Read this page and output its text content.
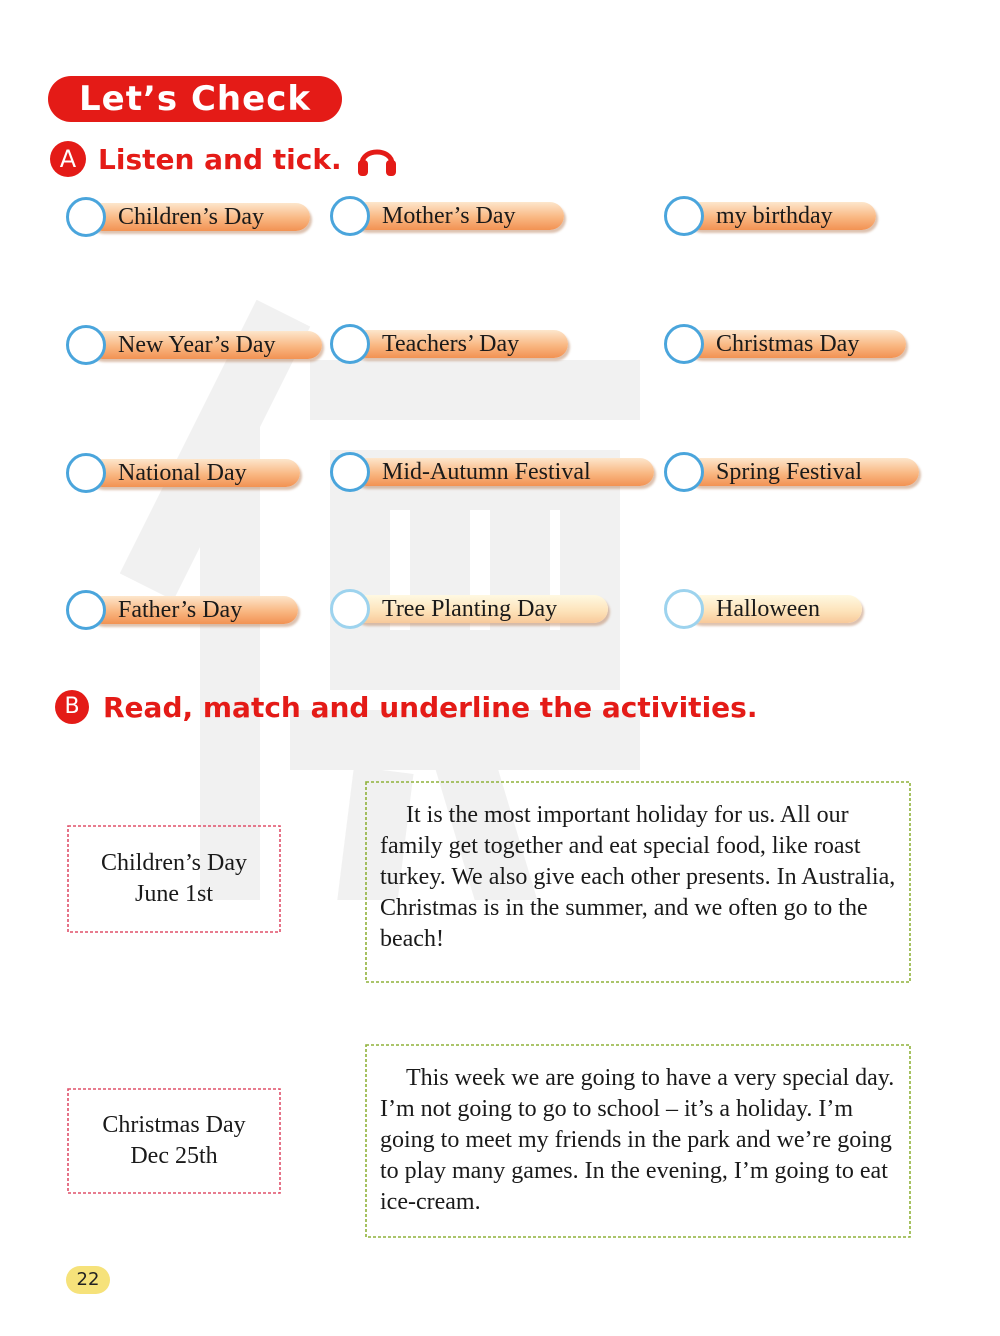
Let’s Check
A Listen and tick.
Children’s Day	Mother’s Day	my birthday
New Year’s Day	Teachers’ Day	Christmas Day
National Day	Mid-Autumn Festival	Spring Festival
Father’s Day	Tree Planting Day	Halloween
B Read, match and underline the activities.
Children’s Day
June 1st
It is the most important holiday for us. All our family get together and eat special food, like roast turkey. We also give each other presents. In Australia, Christmas is in the summer, and we often go to the beach!
Christmas Day
Dec 25th
This week we are going to have a very special day. I’m not going to go to school – it’s a holiday. I’m going to meet my friends in the park and we’re going to play many games. In the evening, I’m going to eat ice-cream.
22
